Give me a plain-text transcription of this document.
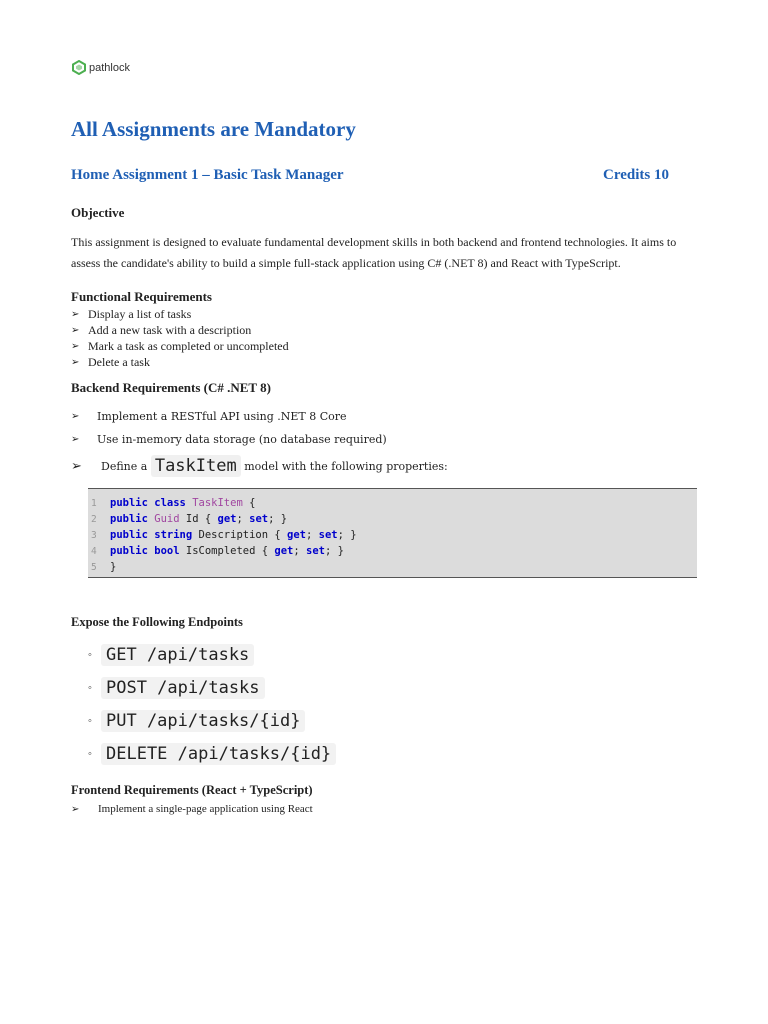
pathlock
All Assignments are Mandatory
Home Assignment 1 – Basic Task Manager	Credits 10
Objective

This assignment is designed to evaluate fundamental development skills in both backend and frontend technologies. It aims to assess the candidate's ability to build a simple full-stack application using C# (.NET 8) and React with TypeScript.

Functional Requirements
➢ Display a list of tasks
➢ Add a new task with a description
➢ Mark a task as completed or uncompleted
➢ Delete a task
Backend Requirements (C# .NET 8)
➢	Implement a RESTful API using .NET 8 Core
➢	Use in-memory data storage (no database required)
➢	Define a
TaskItem
model with the following properties:
1	public
class
TaskItem {
2	public
Guid Id { get ; set ; }
3	public
string Description { get ; set ; }
4	public
bool IsCompleted { get ; set ; }
5	}
Expose the Following Endpoints
◦ GET /api/tasks
◦ POST /api/tasks
◦ PUT /api/tasks/{id}
◦ DELETE /api/tasks/{id}
Frontend Requirements (React + TypeScript)
➢	Implement a single-page application using React
